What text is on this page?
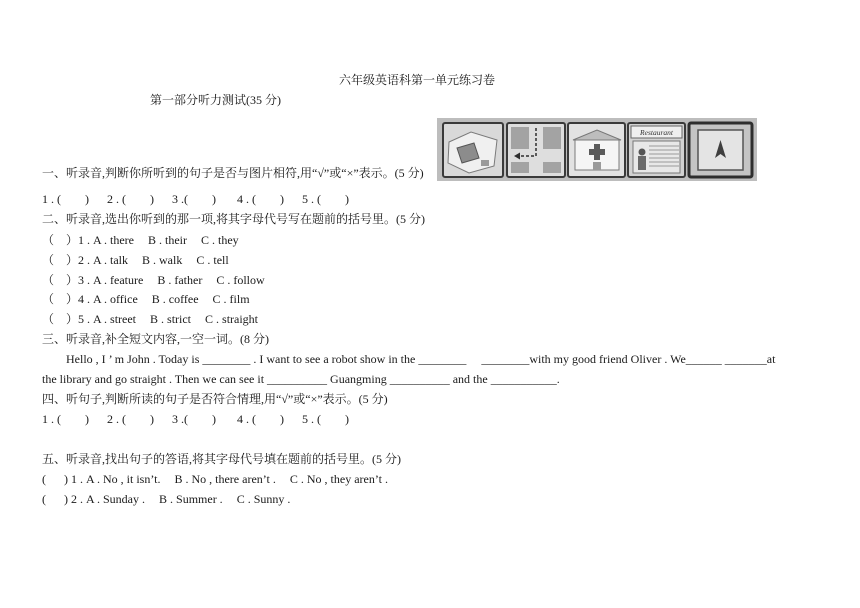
六年级英语科第一单元练习卷
第一部分听力测试(35 分)
Restaurant
一、听录音,判断你所听到的句子是否与图片相符,用“√”或“×”表示。(5 分)
1 . (        )	2 . (        )	3 .(        )	4 . (        )	5 . (        )
二、听录音,选出你听到的那一项,将其字母代号写在题前的括号里。(5 分)
（    ） 1 . A . there B . their C . they
（    ） 2 . A . talk B . walk C . tell
（    ） 3 . A . feature B . father C . follow
（    ） 4 . A . office B . coffee C . film
（    ） 5 . A . street B . strict C . straight
三、听录音,补全短文内容,一空一词。(8 分)
Hello , I ’ m John . Today is ________ . I want to see a robot show in the ________     ________with my good friend Oliver . We______ _______at
the library and go straight . Then we can see it __________ Guangming __________ and the ___________.
四、听句子,判断所读的句子是否符合情理,用“√”或“×”表示。(5 分)
1 . (        )	2 . (        )	3 .(        )	4 . (        )	5 . (        )
五、听录音,找出句子的答语,将其字母代号填在题前的括号里。(5 分)
(      ) 1 . A . No , it isn’t. B . No , there aren’t . C . No , they aren’t .
(      ) 2 . A . Sunday . B . Summer . C . Sunny .
